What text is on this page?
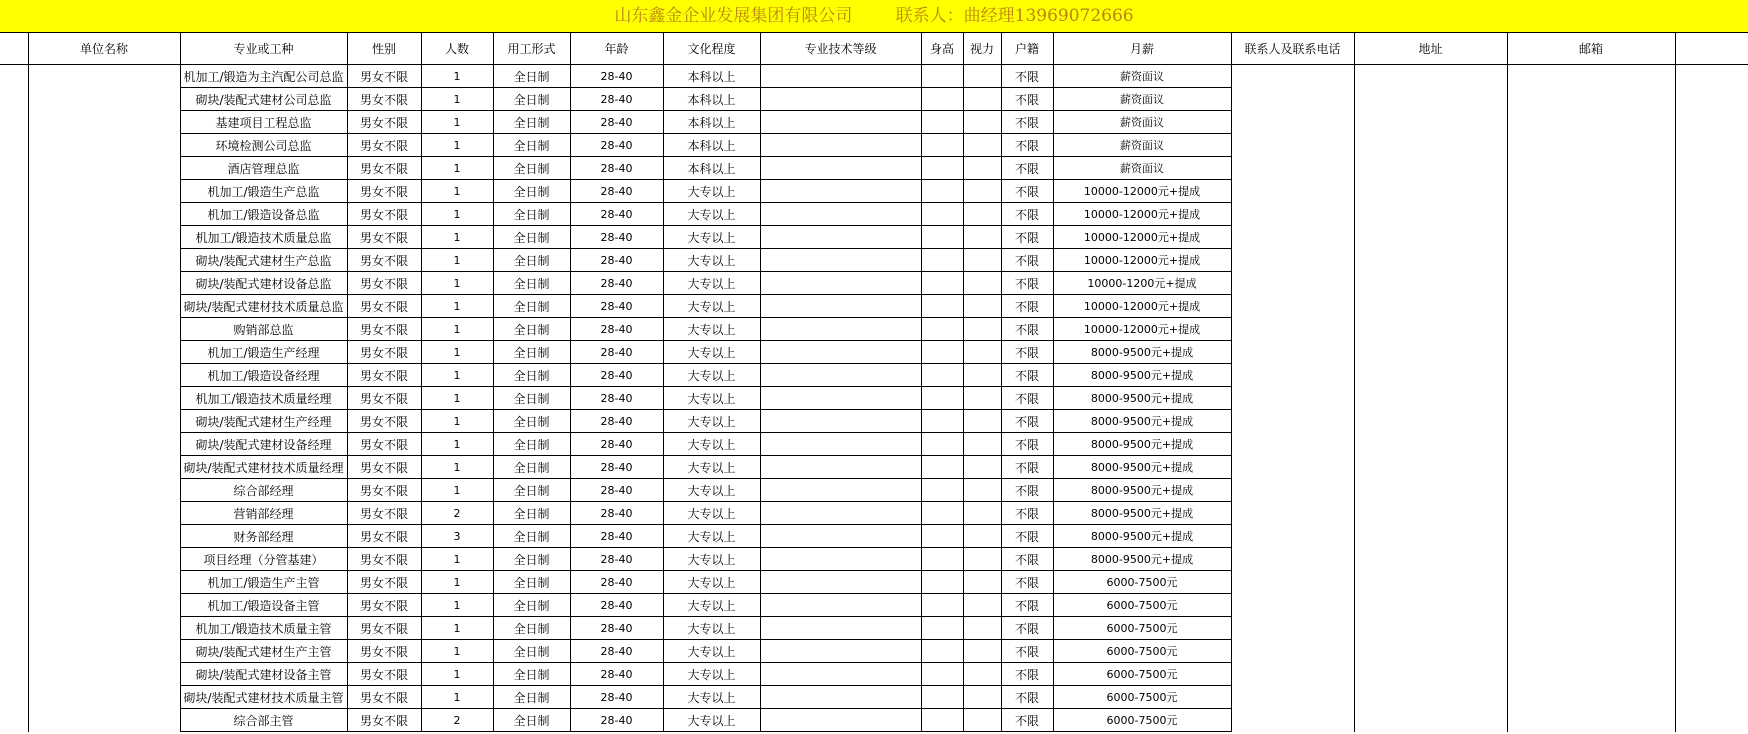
山东鑫金企业发展集团有限公司	联系人：曲经理13969072666
	单位名称	专业或工种	性别	人数	用工形式	年龄	文化程度	专业技术等级	身高	视力	户籍	月薪	联系人及联系电话	地址	邮箱	
		机加工/锻造为主汽配公司总监	男女不限	1	全日制	28-40	本科以上				不限	薪资面议				
		砌块/装配式建材公司总监	男女不限	1	全日制	28-40	本科以上				不限	薪资面议				
		基建项目工程总监	男女不限	1	全日制	28-40	本科以上				不限	薪资面议				
		环境检测公司总监	男女不限	1	全日制	28-40	本科以上				不限	薪资面议				
		酒店管理总监	男女不限	1	全日制	28-40	本科以上				不限	薪资面议				
		机加工/锻造生产总监	男女不限	1	全日制	28-40	大专以上				不限	10000-12000元+提成				
		机加工/锻造设备总监	男女不限	1	全日制	28-40	大专以上				不限	10000-12000元+提成				
		机加工/锻造技术质量总监	男女不限	1	全日制	28-40	大专以上				不限	10000-12000元+提成				
		砌块/装配式建材生产总监	男女不限	1	全日制	28-40	大专以上				不限	10000-12000元+提成				
		砌块/装配式建材设备总监	男女不限	1	全日制	28-40	大专以上				不限	10000-1200元+提成				
		砌块/装配式建材技术质量总监	男女不限	1	全日制	28-40	大专以上				不限	10000-12000元+提成				
		购销部总监	男女不限	1	全日制	28-40	大专以上				不限	10000-12000元+提成				
		机加工/锻造生产经理	男女不限	1	全日制	28-40	大专以上				不限	8000-9500元+提成				
		机加工/锻造设备经理	男女不限	1	全日制	28-40	大专以上				不限	8000-9500元+提成				
		机加工/锻造技术质量经理	男女不限	1	全日制	28-40	大专以上				不限	8000-9500元+提成				
		砌块/装配式建材生产经理	男女不限	1	全日制	28-40	大专以上				不限	8000-9500元+提成				
		砌块/装配式建材设备经理	男女不限	1	全日制	28-40	大专以上				不限	8000-9500元+提成				
		砌块/装配式建材技术质量经理	男女不限	1	全日制	28-40	大专以上				不限	8000-9500元+提成				
		综合部经理	男女不限	1	全日制	28-40	大专以上				不限	8000-9500元+提成				
		营销部经理	男女不限	2	全日制	28-40	大专以上				不限	8000-9500元+提成				
		财务部经理	男女不限	3	全日制	28-40	大专以上				不限	8000-9500元+提成				
		项目经理（分管基建）	男女不限	1	全日制	28-40	大专以上				不限	8000-9500元+提成				
		机加工/锻造生产主管	男女不限	1	全日制	28-40	大专以上				不限	6000-7500元				
		机加工/锻造设备主管	男女不限	1	全日制	28-40	大专以上				不限	6000-7500元				
		机加工/锻造技术质量主管	男女不限	1	全日制	28-40	大专以上				不限	6000-7500元				
		砌块/装配式建材生产主管	男女不限	1	全日制	28-40	大专以上				不限	6000-7500元				
		砌块/装配式建材设备主管	男女不限	1	全日制	28-40	大专以上				不限	6000-7500元				
		砌块/装配式建材技术质量主管	男女不限	1	全日制	28-40	大专以上				不限	6000-7500元				
		综合部主管	男女不限	2	全日制	28-40	大专以上				不限	6000-7500元				
